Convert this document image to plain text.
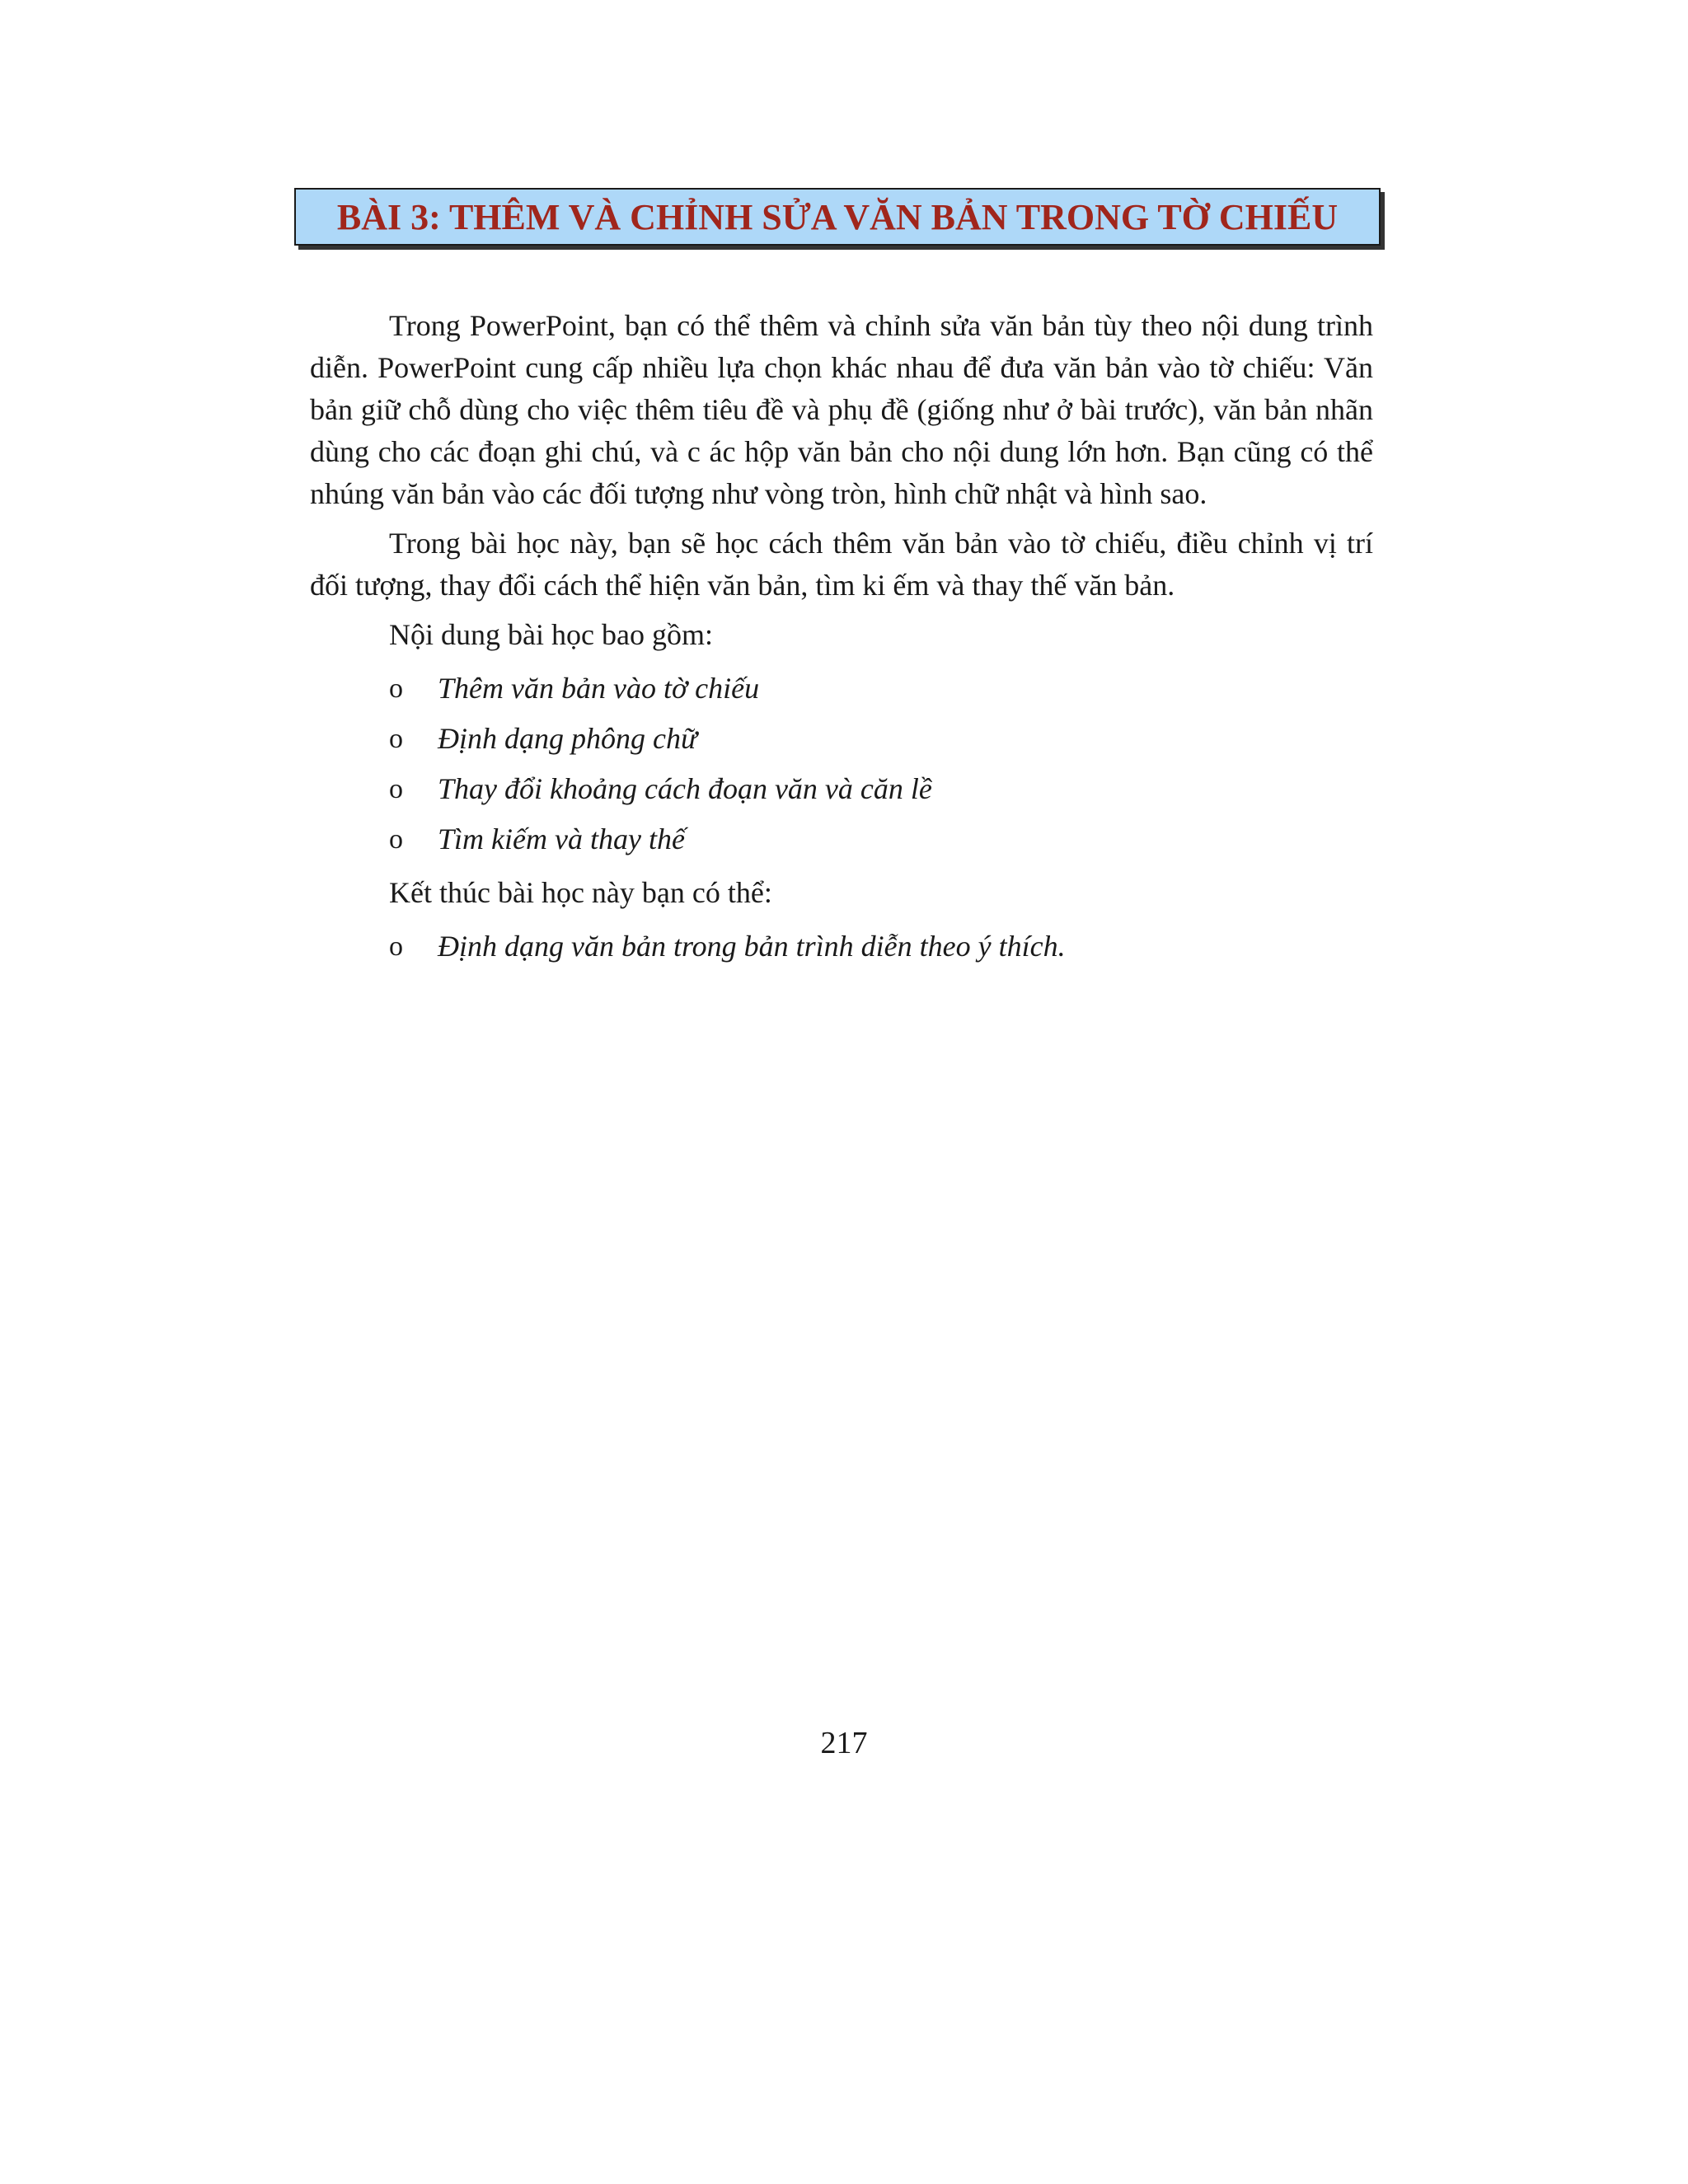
BÀI 3: THÊM VÀ CHỈNH SỬA VĂN BẢN TRONG TỜ CHIẾU

Trong PowerPoint, bạn có thể thêm và chỉnh sửa văn bản tùy theo nội dung trình diễn. PowerPoint cung cấp nhiều lựa chọn khác nhau để đưa văn bản vào tờ chiếu: Văn bản giữ chỗ dùng cho việc thêm tiêu đề và phụ đề (giống như ở bài trước), văn bản nhãn dùng cho các đoạn ghi chú, và c ác hộp văn bản cho nội dung lớn hơn. Bạn cũng có thể nhúng văn bản vào các đối tượng như vòng tròn, hình chữ nhật và hình sao.

Trong bài học này, bạn sẽ học cách thêm văn bản vào tờ chiếu, điều chỉnh vị trí đối tượng, thay đổi cách thể hiện văn bản, tìm ki ếm và thay thế văn bản.

Nội dung bài học bao gồm:

o Thêm văn bản vào tờ chiếu
o Định dạng phông chữ
o Thay đổi khoảng cách đoạn văn và căn lề
o Tìm kiếm và thay thế

Kết thúc bài học này bạn có thể:

o Định dạng văn bản trong bản trình diễn theo ý thích.
217
